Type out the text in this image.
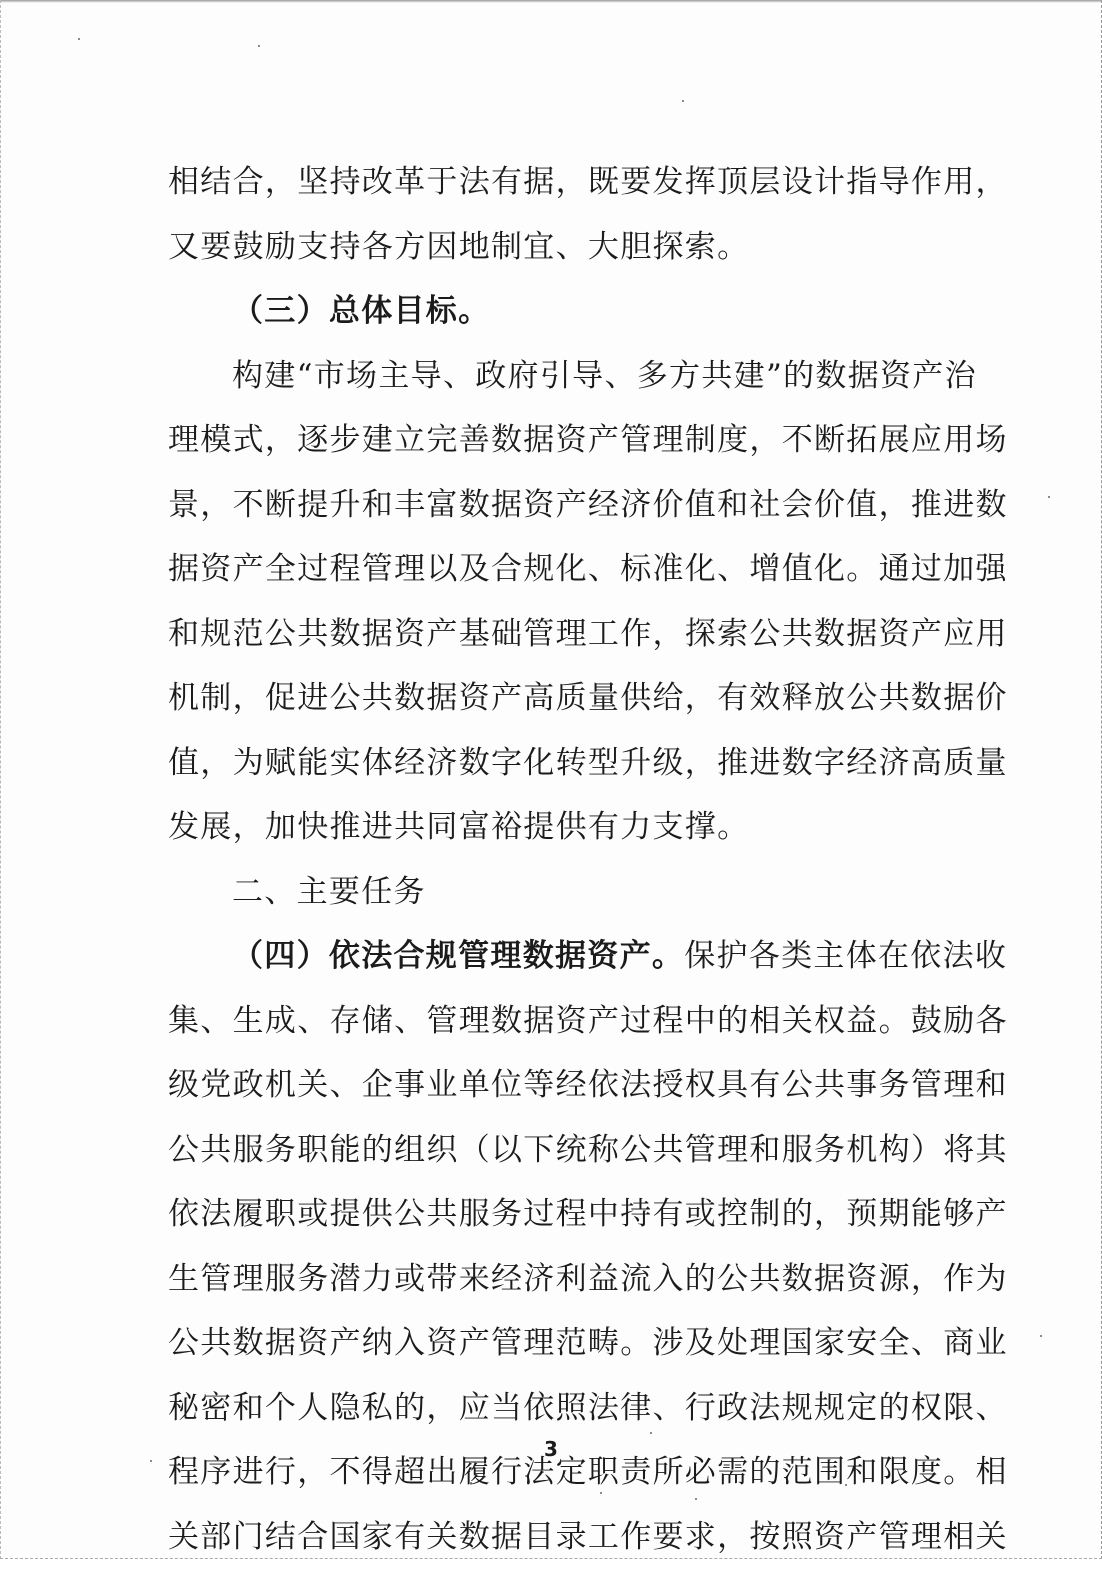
相结合，坚持改革于法有据，既要发挥顶层设计指导作用，
又要鼓励支持各方因地制宜、大胆探索。
（三）总体目标。
构建“市场主导、政府引导、多方共建”的数据资产治
理模式，逐步建立完善数据资产管理制度，不断拓展应用场
景，不断提升和丰富数据资产经济价值和社会价值，推进数
据资产全过程管理以及合规化、标准化、增值化。通过加强
和规范公共数据资产基础管理工作，探索公共数据资产应用
机制，促进公共数据资产高质量供给，有效释放公共数据价
值，为赋能实体经济数字化转型升级，推进数字经济高质量
发展，加快推进共同富裕提供有力支撑。
二、主要任务
（四）依法合规管理数据资产。保护各类主体在依法收
集、生成、存储、管理数据资产过程中的相关权益。鼓励各
级党政机关、企事业单位等经依法授权具有公共事务管理和
公共服务职能的组织（以下统称公共管理和服务机构）将其
依法履职或提供公共服务过程中持有或控制的，预期能够产
生管理服务潜力或带来经济利益流入的公共数据资源，作为
公共数据资产纳入资产管理范畴。涉及处理国家安全、商业
秘密和个人隐私的，应当依照法律、行政法规规定的权限、
程序进行，不得超出履行法定职责所必需的范围和限度。相
关部门结合国家有关数据目录工作要求，按照资产管理相关
3
